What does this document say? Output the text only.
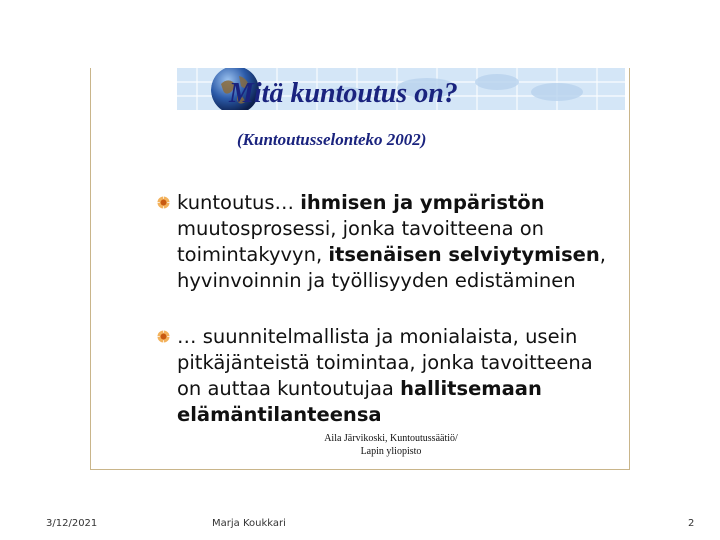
Mitä kuntoutus on?
(Kuntoutusselonteko 2002)
kuntoutus… ihmisen ja ympäristön muutosprosessi, jonka tavoitteena on toimintakyvyn, itsenäisen selviytymisen, hyvinvoinnin ja työllisyyden edistäminen
… suunnitelmallista ja monialaista, usein pitkäjänteistä toimintaa, jonka tavoitteena on auttaa kuntoutujaa hallitsemaan elämäntilanteensa
Aila Järvikoski, Kuntoutussäätiö/
Lapin yliopisto
3/12/2021	Marja Koukkari	2
